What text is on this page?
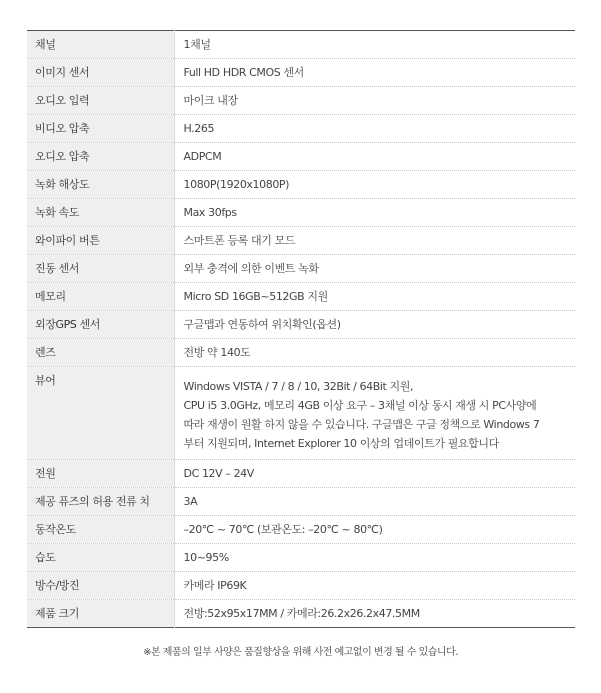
채널	1채널
이미지 센서	Full HD HDR CMOS 센서
오디오 입력	마이크 내장
비디오 압축	H.265
오디오 압축	ADPCM
녹화 해상도	1080P(1920x1080P)
녹화 속도	Max 30fps
와이파이 버튼	스마트폰 등록 대기 모드
진동 센서	외부 충격에 의한 이벤트 녹화
메모리	Micro SD 16GB~512GB 지원
외장GPS 센서	구글맵과 연동하여 위치확인(옵션)
렌즈	전방 약 140도
뷰어	Windows VISTA / 7 / 8 / 10, 32Bit / 64Bit 지원,
CPU i5 3.0GHz, 메모리 4GB 이상 요구 – 3채널 이상 동시 재생 시 PC사양에
따라 재생이 원활 하지 않을 수 있습니다. 구글맵은 구글 정책으로 Windows 7
부터 지원되며, Internet Explorer 10 이상의 업데이트가 필요합니다

전원	DC 12V – 24V
제공 퓨즈의 허용 전류 치	3A
동작온도	–20℃ ~ 70℃ (보관온도: –20℃ ~ 80℃)
습도	10~95%
방수/방진	카메라 IP69K
제품 크기	전방:52x95x17MM / 카메라:26.2x26.2x47.5MM
※본 제품의 일부 사양은 품질향상을 위해 사전 예고없이 변경 될 수 있습니다.
